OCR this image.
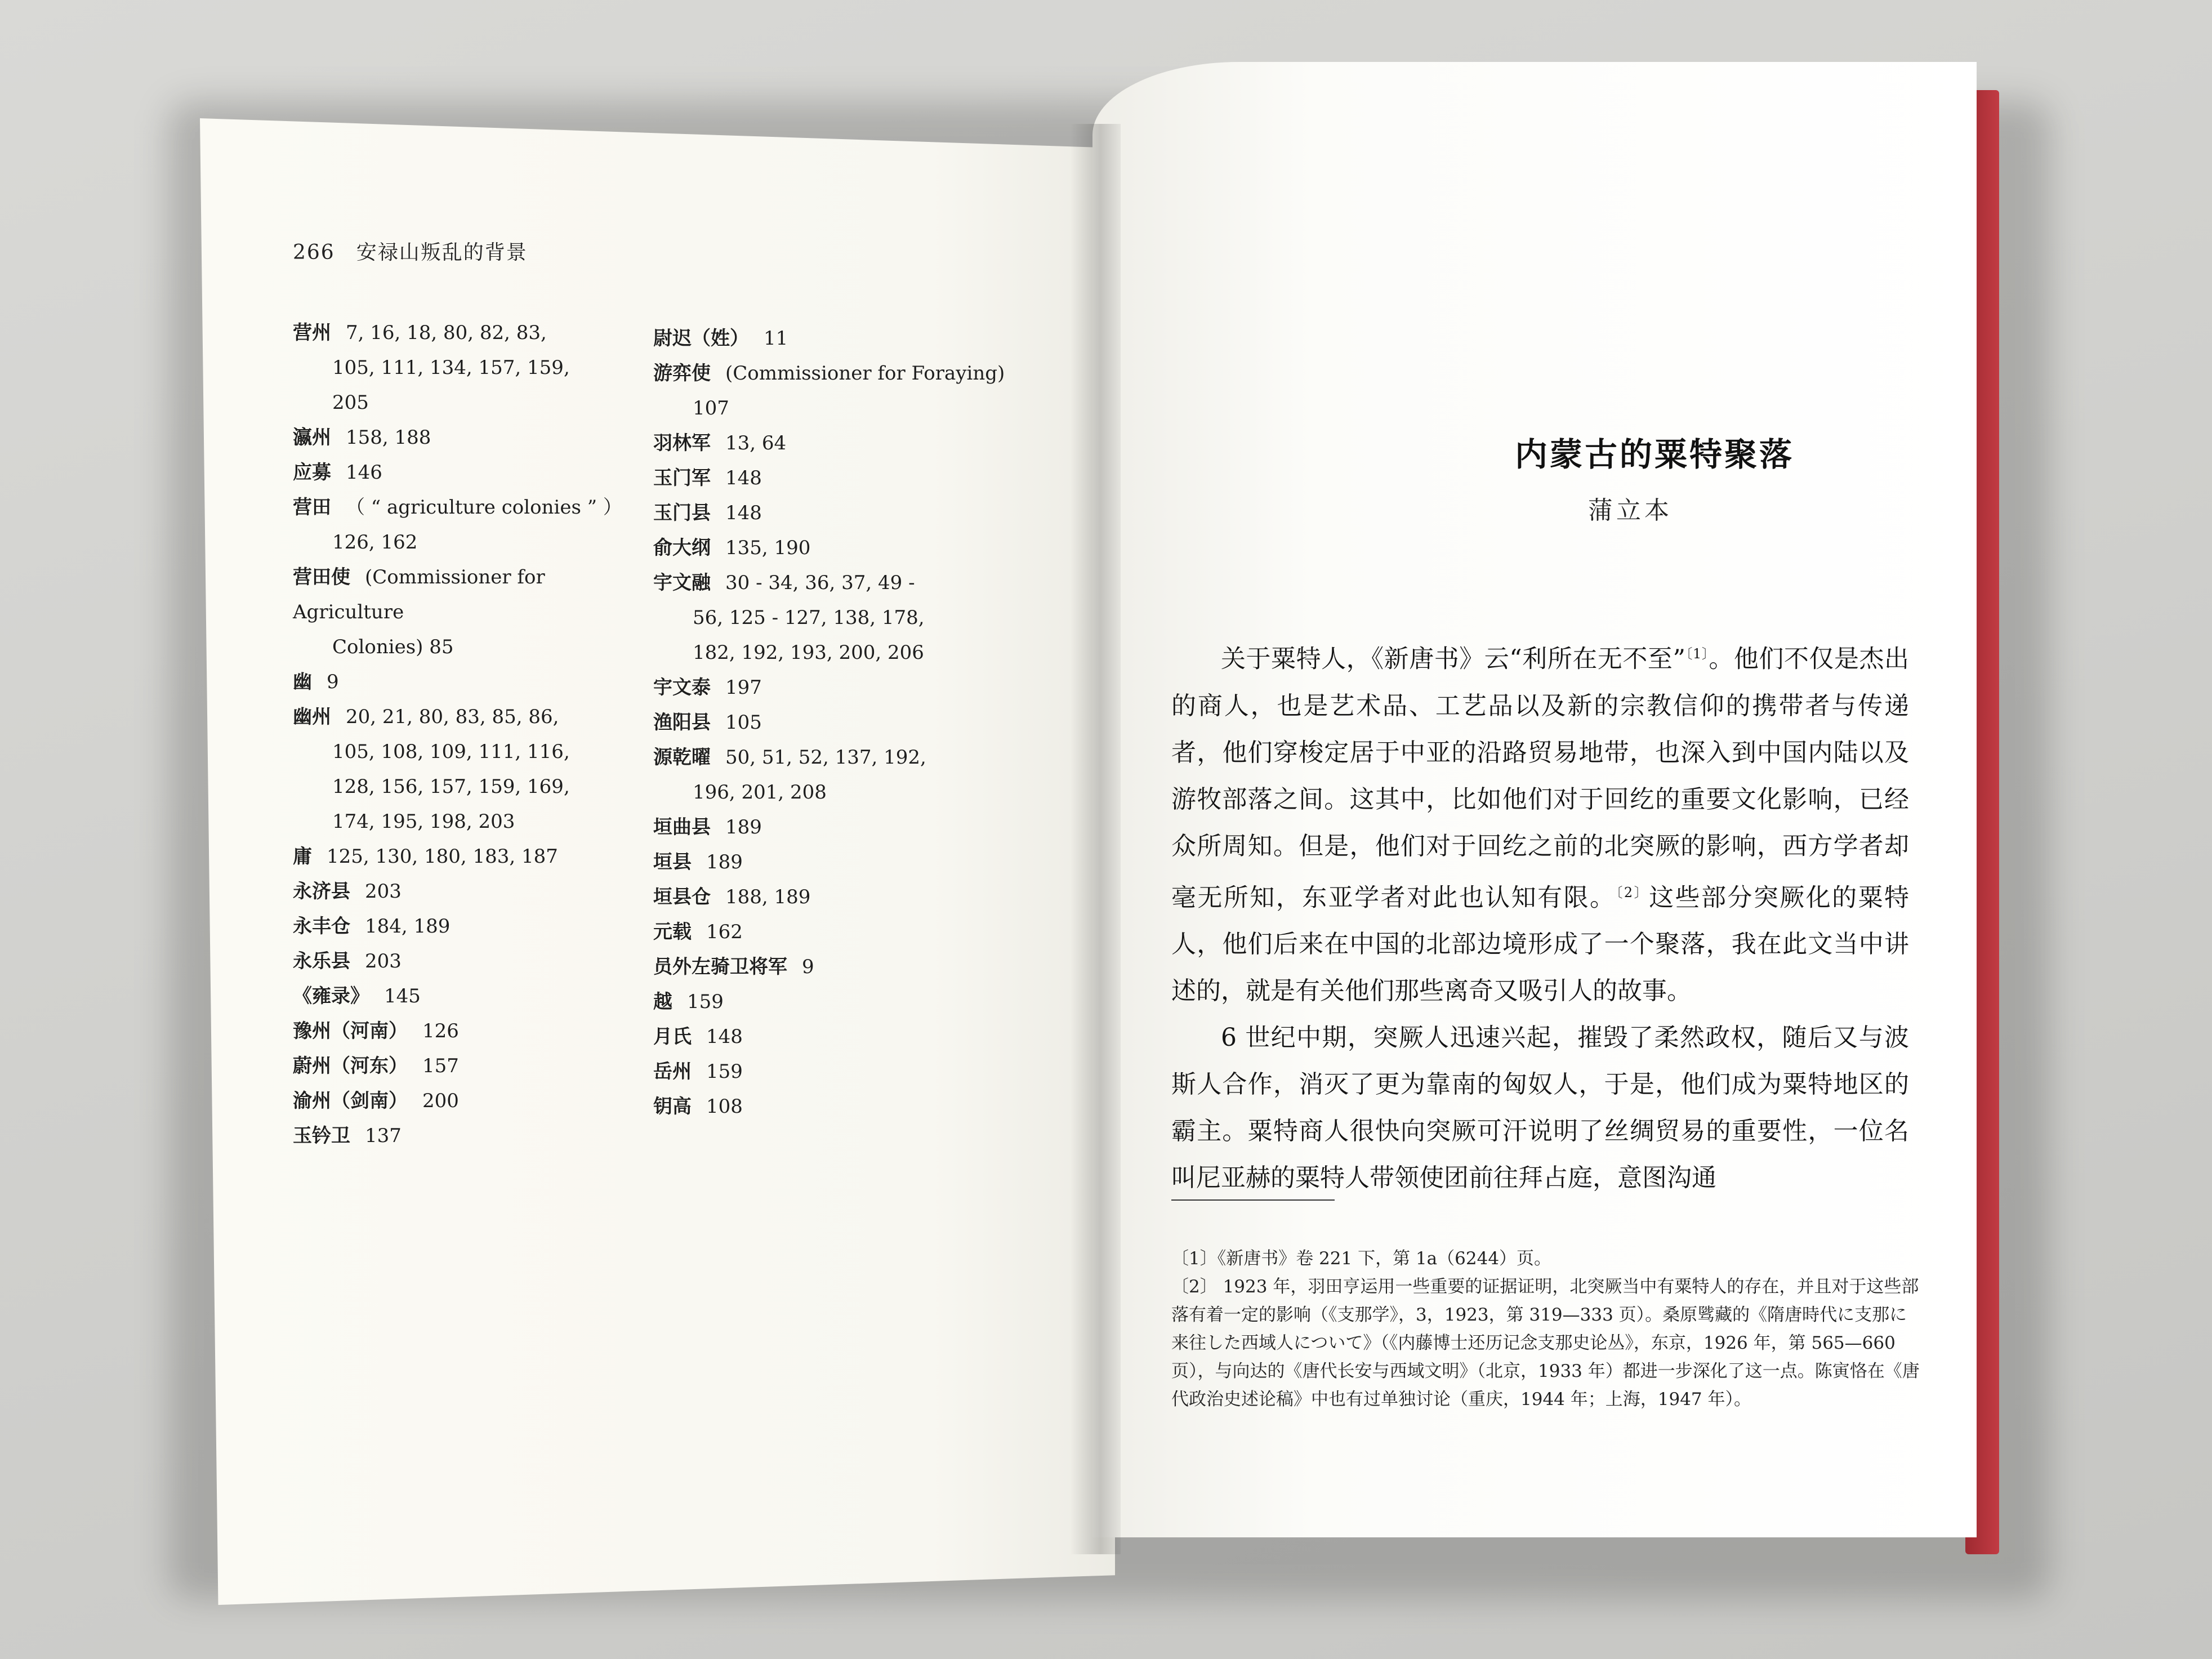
266 安禄山叛乱的背景
营州 7, 16, 18, 80, 82, 83,
105, 111, 134, 157, 159,
205
瀛州 158, 188
应募 146
营田 （ “ agriculture colonies ” ）
126, 162
营田使 (Commissioner for Agriculture
Colonies) 85
幽 9
幽州 20, 21, 80, 83, 85, 86,
105, 108, 109, 111, 116,
128, 156, 157, 159, 169,
174, 195, 198, 203
庸 125, 130, 180, 183, 187
永济县 203
永丰仓 184, 189
永乐县 203
《雍录》 145
豫州（河南） 126
蔚州（河东） 157
渝州（剑南） 200
玉钤卫 137
尉迟（姓） 11
游弈使 (Commissioner for Foraying)
107
羽林军 13, 64
玉门军 148
玉门县 148
俞大纲 135, 190
宇文融 30 - 34, 36, 37, 49 -
56, 125 - 127, 138, 178,
182, 192, 193, 200, 206
宇文泰 197
渔阳县 105
源乾曜 50, 51, 52, 137, 192,
196, 201, 208
垣曲县 189
垣县 189
垣县仓 188, 189
元载 162
员外左骑卫将军 9
越 159
月氏 148
岳州 159
钥高 108
内蒙古的粟特聚落
蒲立本

关于粟特人，《新唐书》云“利所在无不至”$^{〔1〕}$。他们不仅是杰出的商人，也是艺术品、工艺品以及新的宗教信仰的携带者与传递者，他们穿梭定居于中亚的沿路贸易地带，也深入到中国内陆以及游牧部落之间。这其中，比如他们对于回纥的重要文化影响，已经众所周知。但是，他们对于回纥之前的北突厥的影响，西方学者却毫无所知，东亚学者对此也认知有限。$^{〔2〕}$这些部分突厥化的粟特人，他们后来在中国的北部边境形成了一个聚落，我在此文当中讲述的，就是有关他们那些离奇又吸引人的故事。

6 世纪中期，突厥人迅速兴起，摧毁了柔然政权，随后又与波斯人合作，消灭了更为靠南的匈奴人，于是，他们成为粟特地区的霸主。粟特商人很快向突厥可汗说明了丝绸贸易的重要性，一位名叫尼亚赫的粟特人带领使团前往拜占庭，意图沟通

〔1〕《新唐书》卷 221 下，第 1a（6244）页。

〔2〕 1923 年，羽田亨运用一些重要的证据证明，北突厥当中有粟特人的存在，并且对于这些部落有着一定的影响（《支那学》，3，1923，第 319—333 页）。桑原骘藏的《隋唐時代に支那に来往した西域人について》（《内藤博士还历记念支那史论丛》，东京，1926 年，第 565—660 页），与向达的《唐代长安与西域文明》（北京，1933 年）都进一步深化了这一点。陈寅恪在《唐代政治史述论稿》中也有过单独讨论（重庆，1944 年；上海，1947 年）。
